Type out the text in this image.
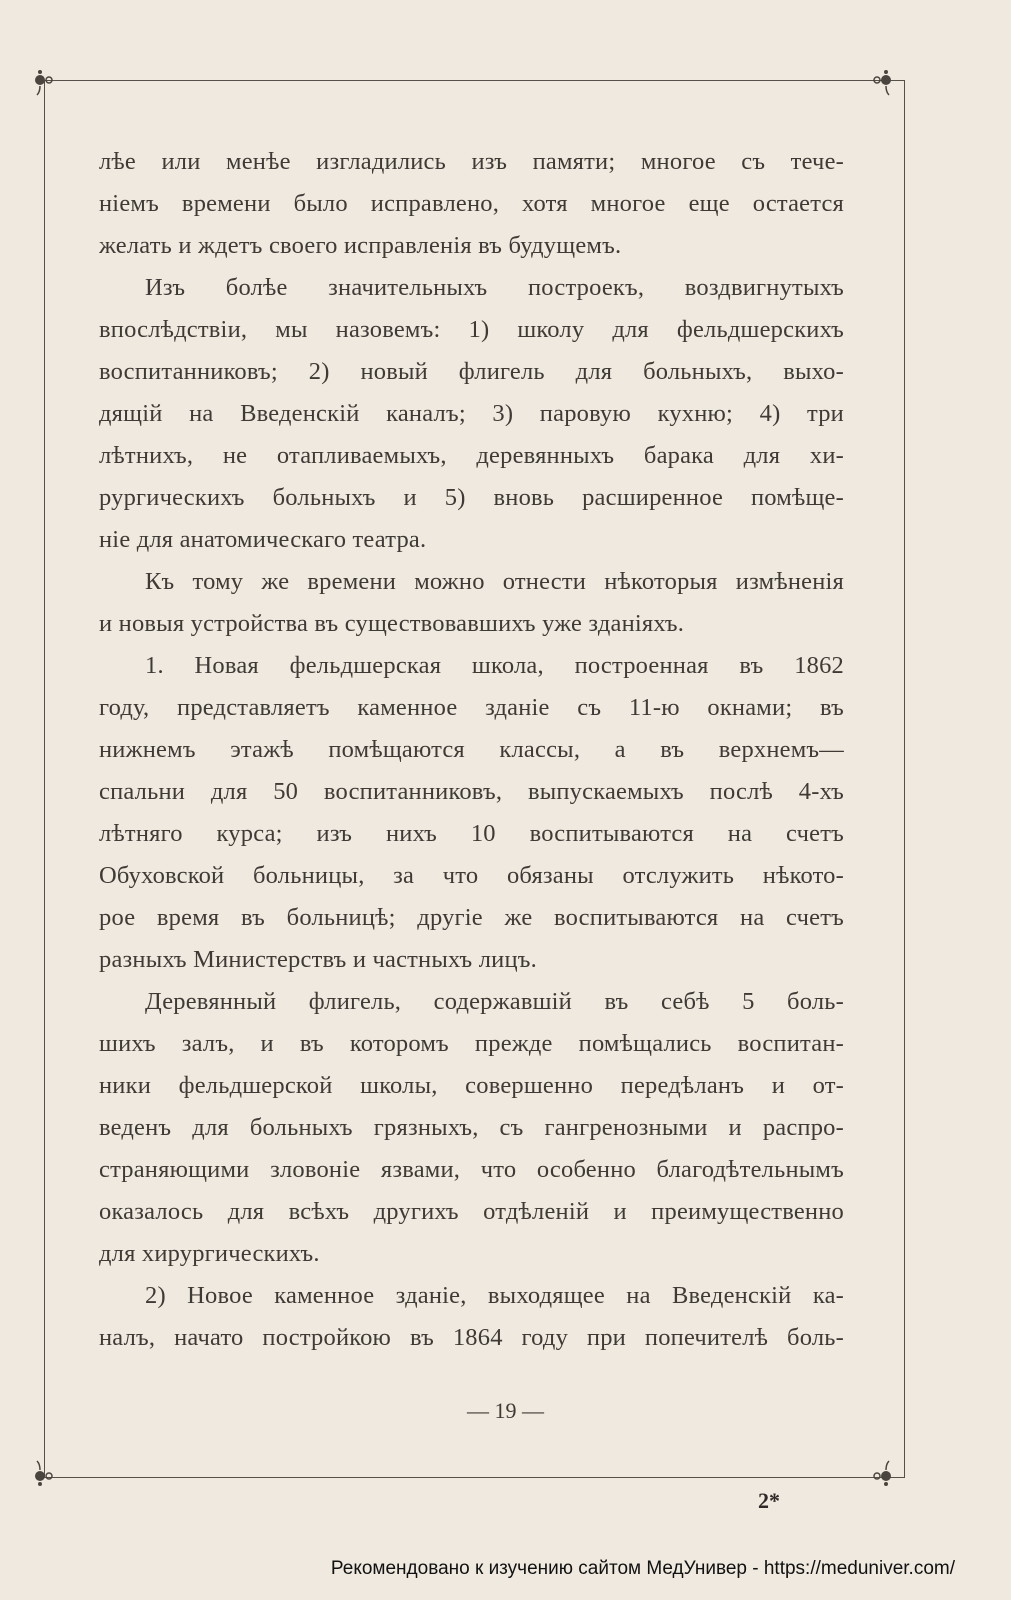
лѣе или менѣе изгладились изъ памяти; многое съ тече-
ніемъ времени было исправлено, хотя многое еще остается
желать и ждетъ своего исправленія въ будущемъ.
Изъ болѣе значительныхъ построекъ, воздвигнутыхъ
впослѣдствіи, мы назовемъ: 1) школу для фельдшерскихъ
воспитанниковъ; 2) новый флигель для больныхъ, выхо-
дящій на Введенскій каналъ; 3) паровую кухню; 4) три
лѣтнихъ, не отапливаемыхъ, деревянныхъ барака для хи-
рургическихъ больныхъ и 5) вновь расширенное помѣще-
ніе для анатомическаго театра.
Къ тому же времени можно отнести нѣкоторыя измѣненія
и новыя устройства въ существовавшихъ уже зданіяхъ.
1. Новая фельдшерская школа, построенная въ 1862
году, представляетъ каменное зданіе съ 11-ю окнами; въ
нижнемъ этажѣ помѣщаются классы, а въ верхнемъ—
спальни для 50 воспитанниковъ, выпускаемыхъ послѣ 4-хъ
лѣтняго курса; изъ нихъ 10 воспитываются на счетъ
Обуховской больницы, за что обязаны отслужить нѣкото-
рое время въ больницѣ; другіе же воспитываются на счетъ
разныхъ Министерствъ и частныхъ лицъ.
Деревянный флигель, содержавшій въ себѣ 5 боль-
шихъ залъ, и въ которомъ прежде помѣщались воспитан-
ники фельдшерской школы, совершенно передѣланъ и от-
веденъ для больныхъ грязныхъ, съ гангренозными и распро-
страняющими зловоніе язвами, что особенно благодѣтельнымъ
оказалось для всѣхъ другихъ отдѣленій и преимущественно
для хирургическихъ.
2) Новое каменное зданіе, выходящее на Введенскій ка-
налъ, начато постройкою въ 1864 году при попечителѣ боль-
— 19 —
2*
Рекомендовано к изучению сайтом МедУнивер - https://meduniver.com/
